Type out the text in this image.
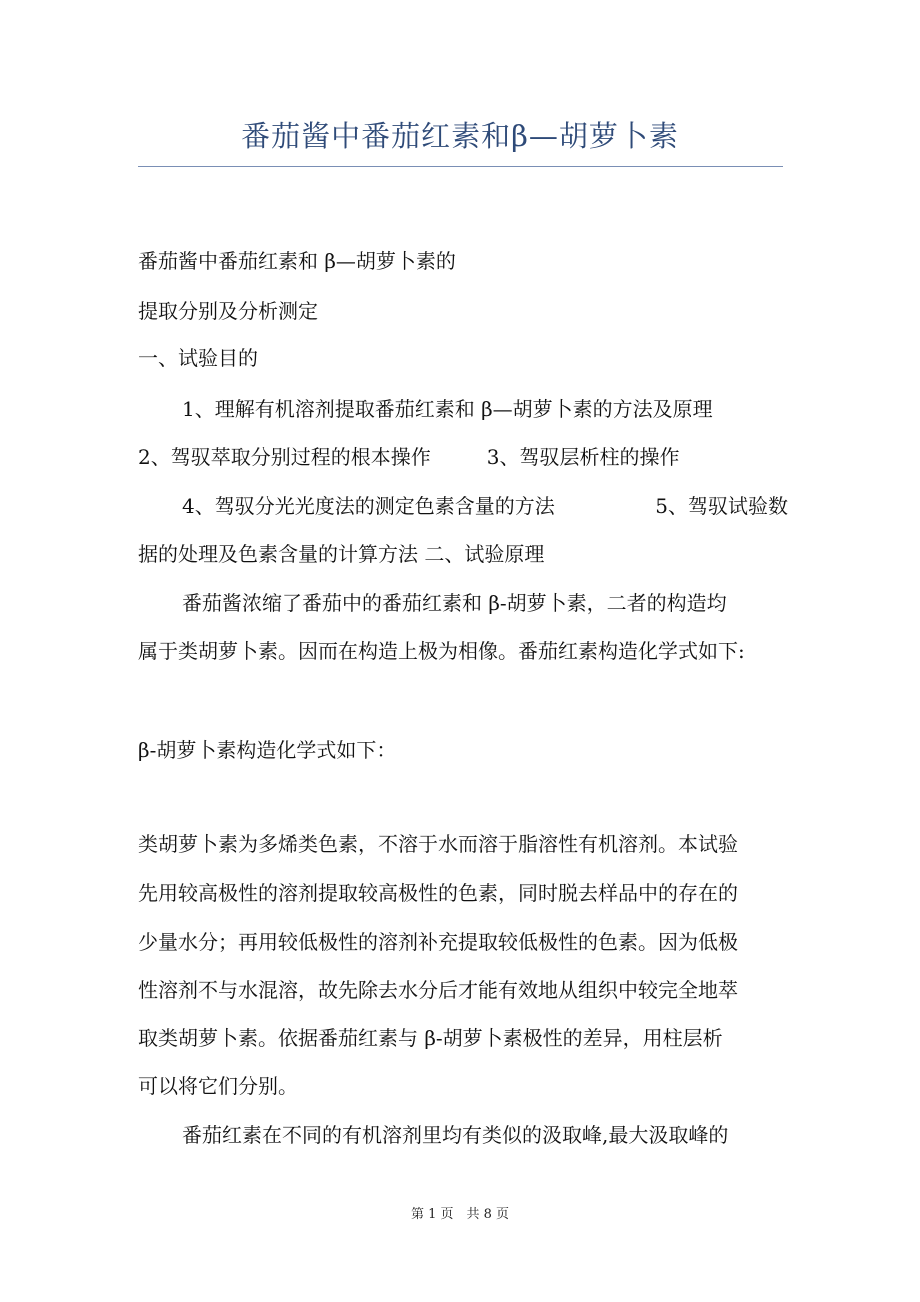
番茄酱中番茄红素和β—胡萝卜素
番茄酱中番茄红素和 β—胡萝卜素的
提取分别及分析测定
一、试验目的
1、理解有机溶剂提取番茄红素和 β—胡萝卜素的方法及原理
2、驾驭萃取分别过程的根本操作	3、驾驭层析柱的操作
4、驾驭分光光度法的测定色素含量的方法	5、驾驭试验数
据的处理及色素含量的计算方法 二、试验原理
番茄酱浓缩了番茄中的番茄红素和 β-胡萝卜素，二者的构造均
属于类胡萝卜素。因而在构造上极为相像。番茄红素构造化学式如下:
β-胡萝卜素构造化学式如下：
类胡萝卜素为多烯类色素，不溶于水而溶于脂溶性有机溶剂。本试验
先用较高极性的溶剂提取较高极性的色素，同时脱去样品中的存在的
少量水分；再用较低极性的溶剂补充提取较低极性的色素。因为低极
性溶剂不与水混溶，故先除去水分后才能有效地从组织中较完全地萃
取类胡萝卜素。依据番茄红素与 β-胡萝卜素极性的差异，用柱层析
可以将它们分别。
番茄红素在不同的有机溶剂里均有类似的汲取峰,最大汲取峰的
第 1 页　共 8 页
